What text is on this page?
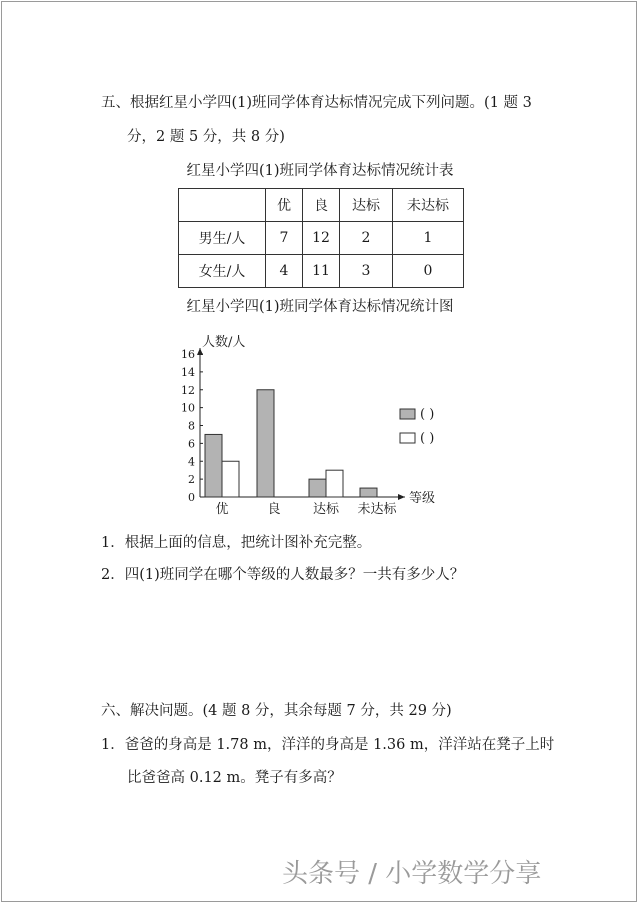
五、根据红星小学四(1)班同学体育达标情况完成下列问题。(1 题 3
分，2 题 5 分，共 8 分)
红星小学四(1)班同学体育达标情况统计表
	优	良	达标	未达标
男生/人	7	12	2	1
女生/人	4	11	3	0
红星小学四(1)班同学体育达标情况统计图
0
2
4
6
8
10
12
14
16
人数/人
等级
优	良 达标 未达标
( )
( )
1．根据上面的信息，把统计图补充完整。
2．四(1)班同学在哪个等级的人数最多？一共有多少人？
六、解决问题。(4 题 8 分，其余每题 7 分，共 29 分)
1．爸爸的身高是 1.78 m，洋洋的身高是 1.36 m，洋洋站在凳子上时
比爸爸高 0.12 m。凳子有多高？
头条号 / 小学数学分享
